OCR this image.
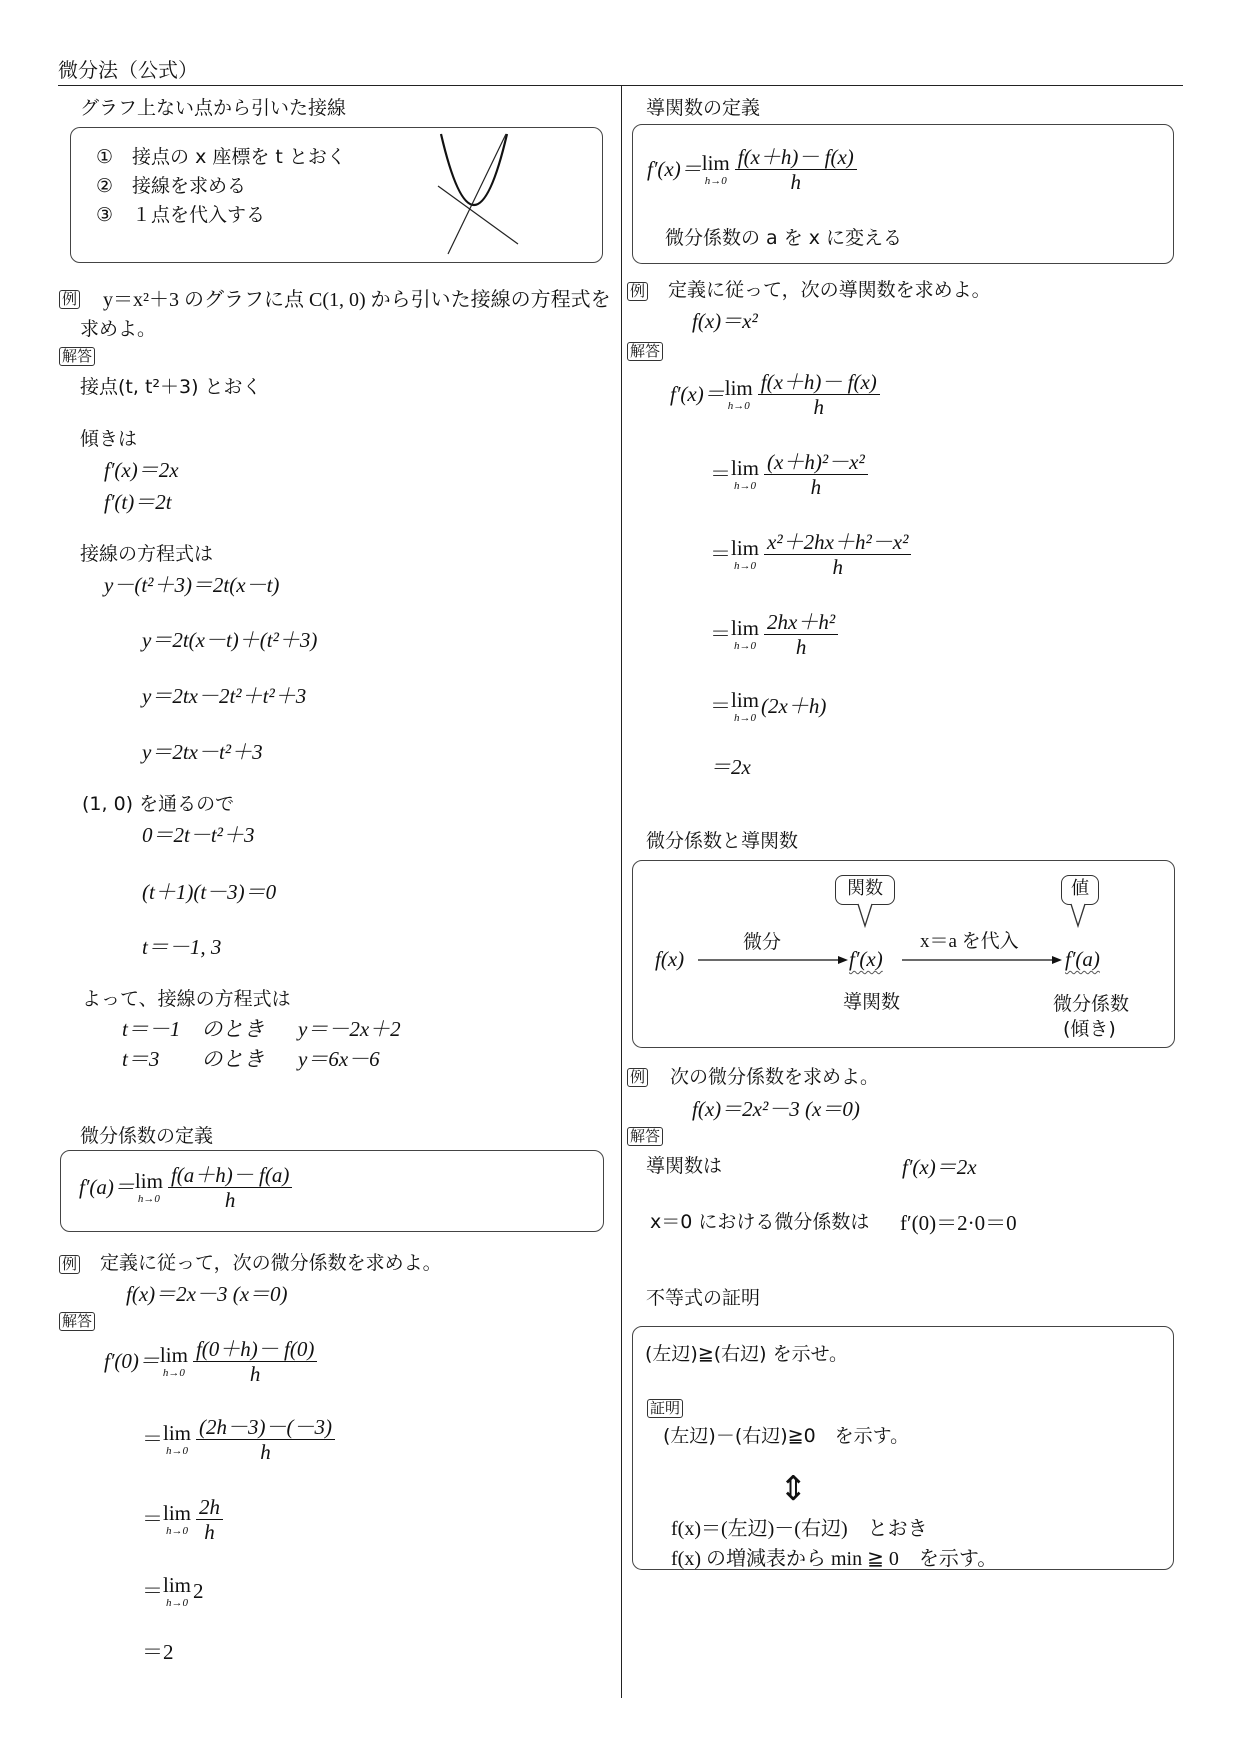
微分法（公式）
グラフ上ない点から引いた接線
①　接点の x 座標を t とおく
②　接線を求める
③　１点を代入する
例 y＝x²＋3 のグラフに点 C(1, 0) から引いた接線の方程式を
求めよ。
解答
接点(t, t²＋3) とおく
傾きは
f′(x)＝2x
f′(t)＝2t
接線の方程式は
y－(t²＋3)＝2t(x－t)
y＝2t(x－t)＋(t²＋3)
y＝2tx－2t²＋t²＋3
y＝2tx－t²＋3
(1, 0) を通るので
0＝2t－t²＋3
(t＋1)(t－3)＝0
t＝－1, 3
よって、接線の方程式は
t＝－1　のとき y＝－2x＋2
t＝3　　のとき y＝6x－6
微分係数の定義
f′(a)＝ lim
$h\to 0 \frac{f(a+h)- f(a)}{h}$
例 定義に従って，次の微分係数を求めよ。
f(x)＝2x－3 (x＝0)
解答
f′(0)＝ lim
$h\to 0 \frac{f(0+h)- f(0)}{h}$
＝ lim
$h\to 0 \frac{(2h-3)-(-3)}{h}$
＝ lim
$h\to 0 \frac{2h}{h}$
＝ lim
h→0 2
＝2
導関数の定義
f′(x)＝ lim
$h\to 0 \frac{f(x+h)- f(x)}{h}$
微分係数の a を x に変える
例 定義に従って，次の導関数を求めよ。
f(x)＝x²
解答
f′(x)＝ lim
$h\to 0 \frac{f(x+h)- f(x)}{h}$
＝ lim
$h\to 0 \frac{\text{(x＋h)²－x²}}{h}$
＝ lim
$h\to 0 \frac{\text{x²＋2hx＋h²－x²}}{h}$
＝ lim
$h\to 0 \frac{\text{2hx＋h²}}{h}$
＝ lim
h→0 (2x＋h)
＝2x
微分係数と導関数
関数	値
f(x)
微分
f′(x)
導関数
x＝a を代入
f′(a)
微分係数
(傾き)
例 次の微分係数を求めよ。
f(x)＝2x²－3 (x＝0)
解答
導関数は	f′(x)＝2x
x＝0 における微分係数は f′(0)＝2·0＝0
不等式の証明
(左辺)≧(右辺) を示せ。
証明
(左辺)－(右辺)≧0　を示す。
⇕
f(x)＝(左辺)－(右辺)　とおき
f(x) の増減表から min ≧ 0　を示す。
